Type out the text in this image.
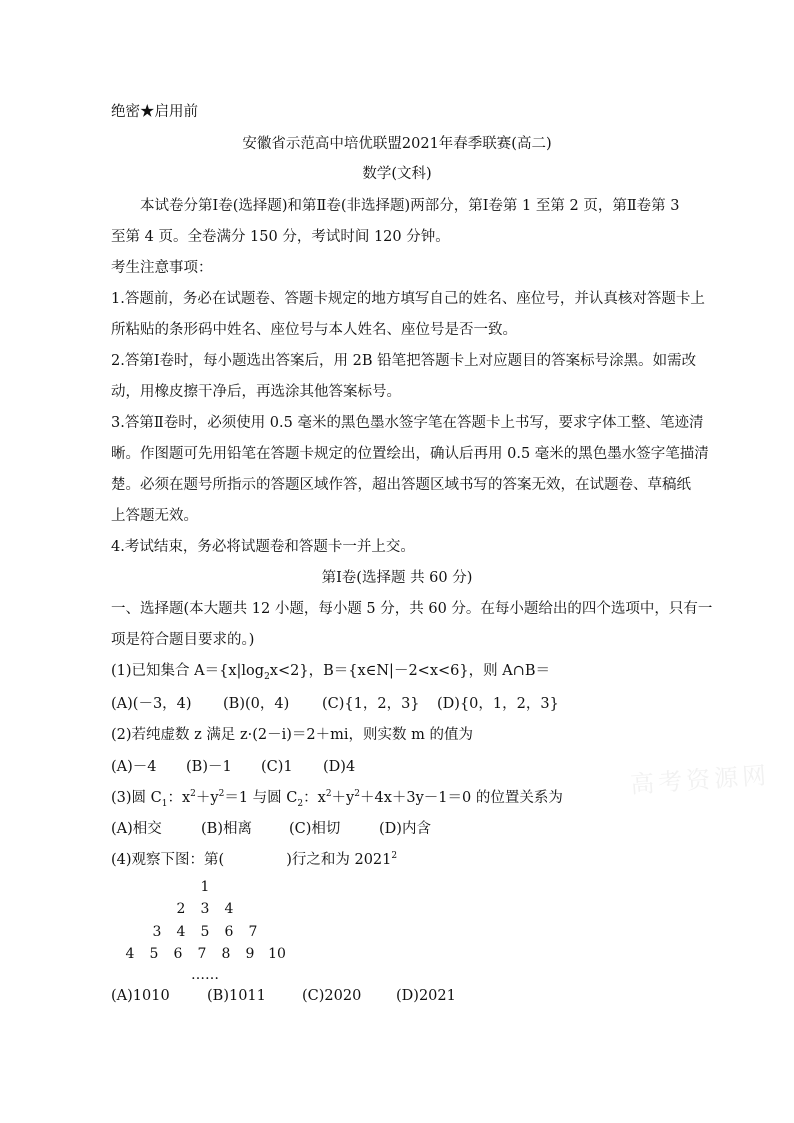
绝密★启用前
安徽省示范高中培优联盟2021年春季联赛(高二)
数学(文科)
本试卷分第Ⅰ卷(选择题)和第Ⅱ卷(非选择题)两部分，第Ⅰ卷第 1 至第 2 页，第Ⅱ卷第 3
至第 4 页。全卷满分 150 分，考试时间 120 分钟。
考生注意事项：
1.答题前，务必在试题卷、答题卡规定的地方填写自己的姓名、座位号，并认真核对答题卡上
所粘贴的条形码中姓名、座位号与本人姓名、座位号是否一致。
2.答第Ⅰ卷时，每小题选出答案后，用 2B 铅笔把答题卡上对应题目的答案标号涂黑。如需改
动，用橡皮擦干净后，再选涂其他答案标号。
3.答第Ⅱ卷时，必须使用 0.5 毫米的黑色墨水签字笔在答题卡上书写，要求字体工整、笔迹清
晰。作图题可先用铅笔在答题卡规定的位置绘出，确认后再用 0.5 毫米的黑色墨水签字笔描清
楚。必须在题号所指示的答题区域作答，超出答题区域书写的答案无效，在试题卷、草稿纸
上答题无效。
4.考试结束，务必将试题卷和答题卡一并上交。
第Ⅰ卷(选择题 共 60 分)
一、选择题(本大题共 12 小题，每小题 5 分，共 60 分。在每小题给出的四个选项中，只有一
项是符合题目要求的。)
(1)已知集合 $A=\{x|\log_2x<2\}$，B＝{x∈N|－2<x<6}，则 A∩B＝
(A)(－3，4) (B)(0，4) (C){1，2，3} (D){0，1，2，3}
(2)若纯虚数 z 满足 z·(2－i)＝2＋mi，则实数 m 的值为
(A)－4 (B)－1 (C)1 (D)4
(3)圆 $C_1$：$x^2+y^2=1$ 与圆 $C_2$：$x^2+y^2+4x+3y-1=0$ 的位置关系为
(A)相交	(B)相离	(C)相切	(D)内含
(4)观察下图：第(	)行之和为 2021$^2$
1
2 3 4
3 4 5 6 7
4 5 6 7 8 9 10
……
(A)1010	(B)1011 (C)2020 (D)2021
高考资源网
